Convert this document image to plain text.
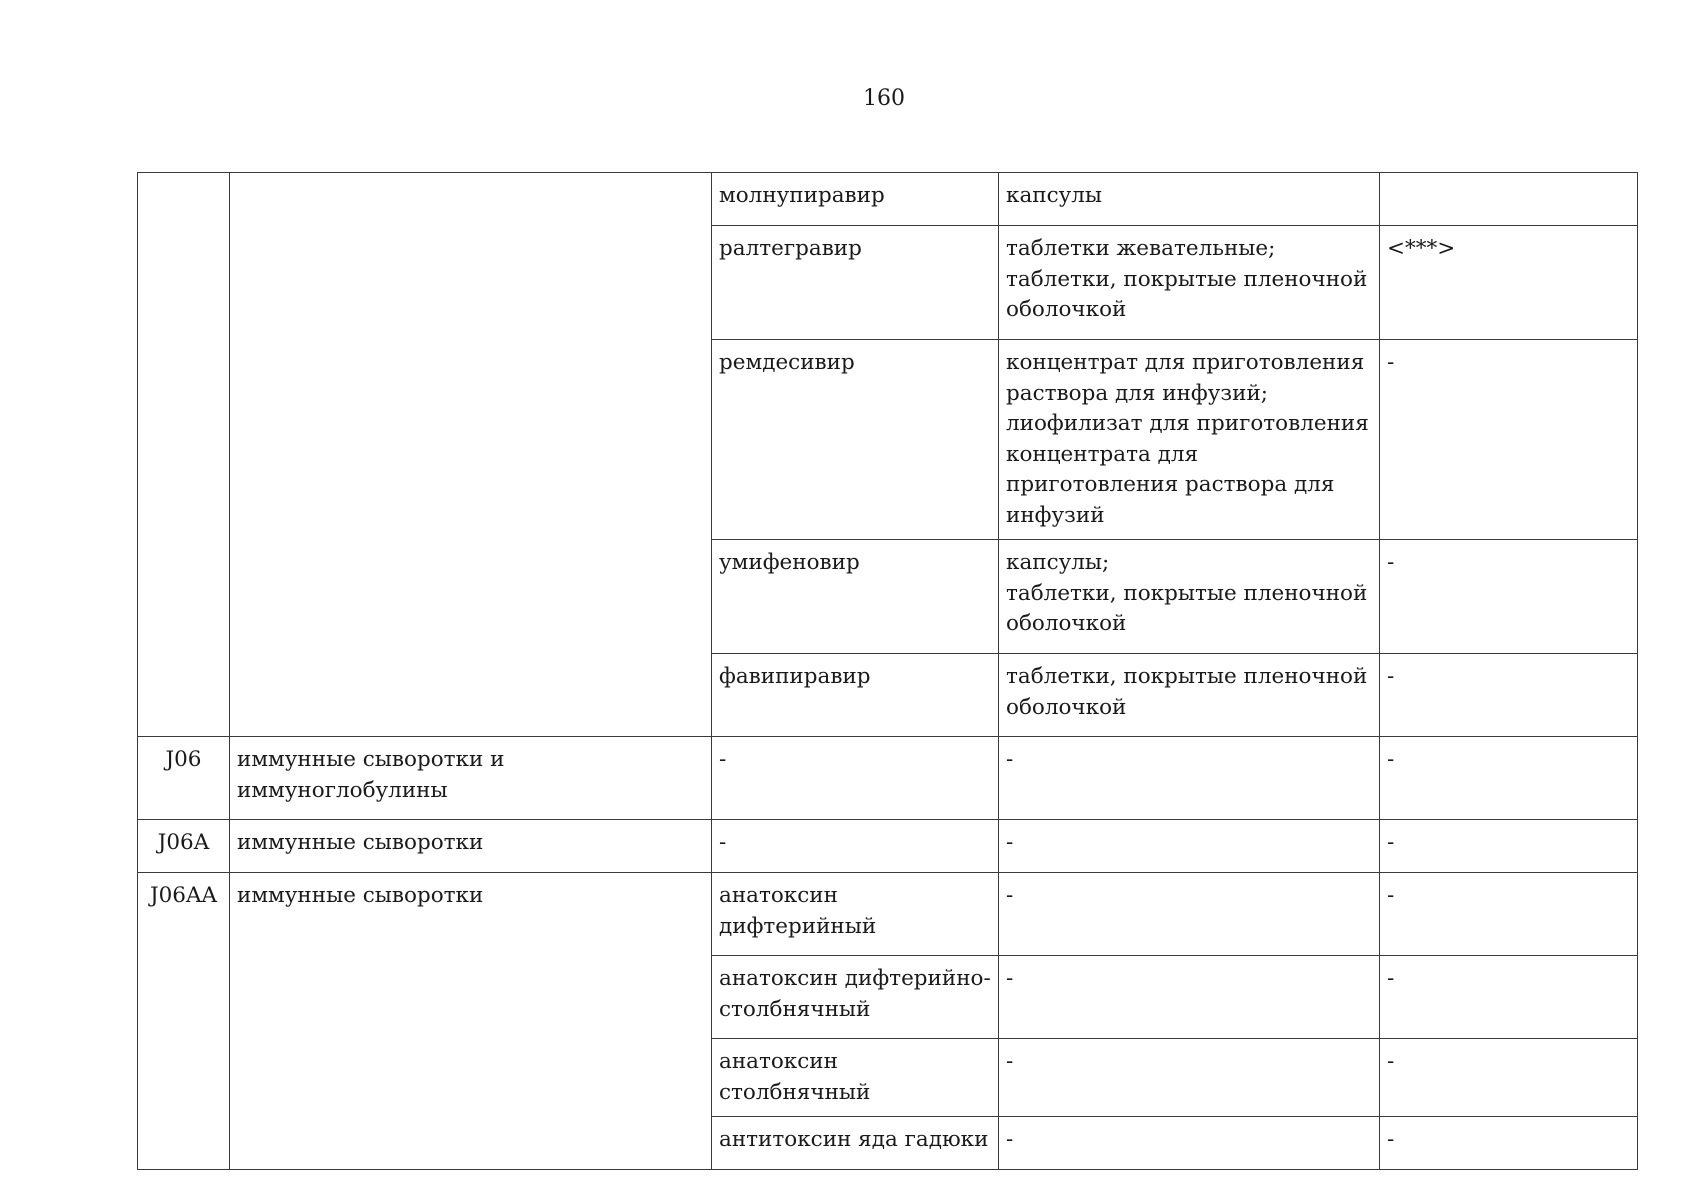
160
		молнупиравир	капсулы	
		ралтегравир	таблетки жевательные;
таблетки, покрытые пленочной оболочкой	<***>
		ремдесивир	концентрат для приготовления раствора для инфузий;
лиофилизат для приготовления концентрата для приготовления раствора для инфузий	-
		умифеновир	капсулы;
таблетки, покрытые пленочной оболочкой	-
		фавипиравир	таблетки, покрытые пленочной оболочкой	-
J06	иммунные сыворотки и иммуноглобулины	-	-	-
J06A	иммунные сыворотки	-	-	-
J06AA	иммунные сыворотки	анатоксин дифтерийный	-	-
		анатоксин дифтерийно-
столбнячный	-	-
		анатоксин столбнячный	-	-
		антитоксин яда гадюки	-	-
